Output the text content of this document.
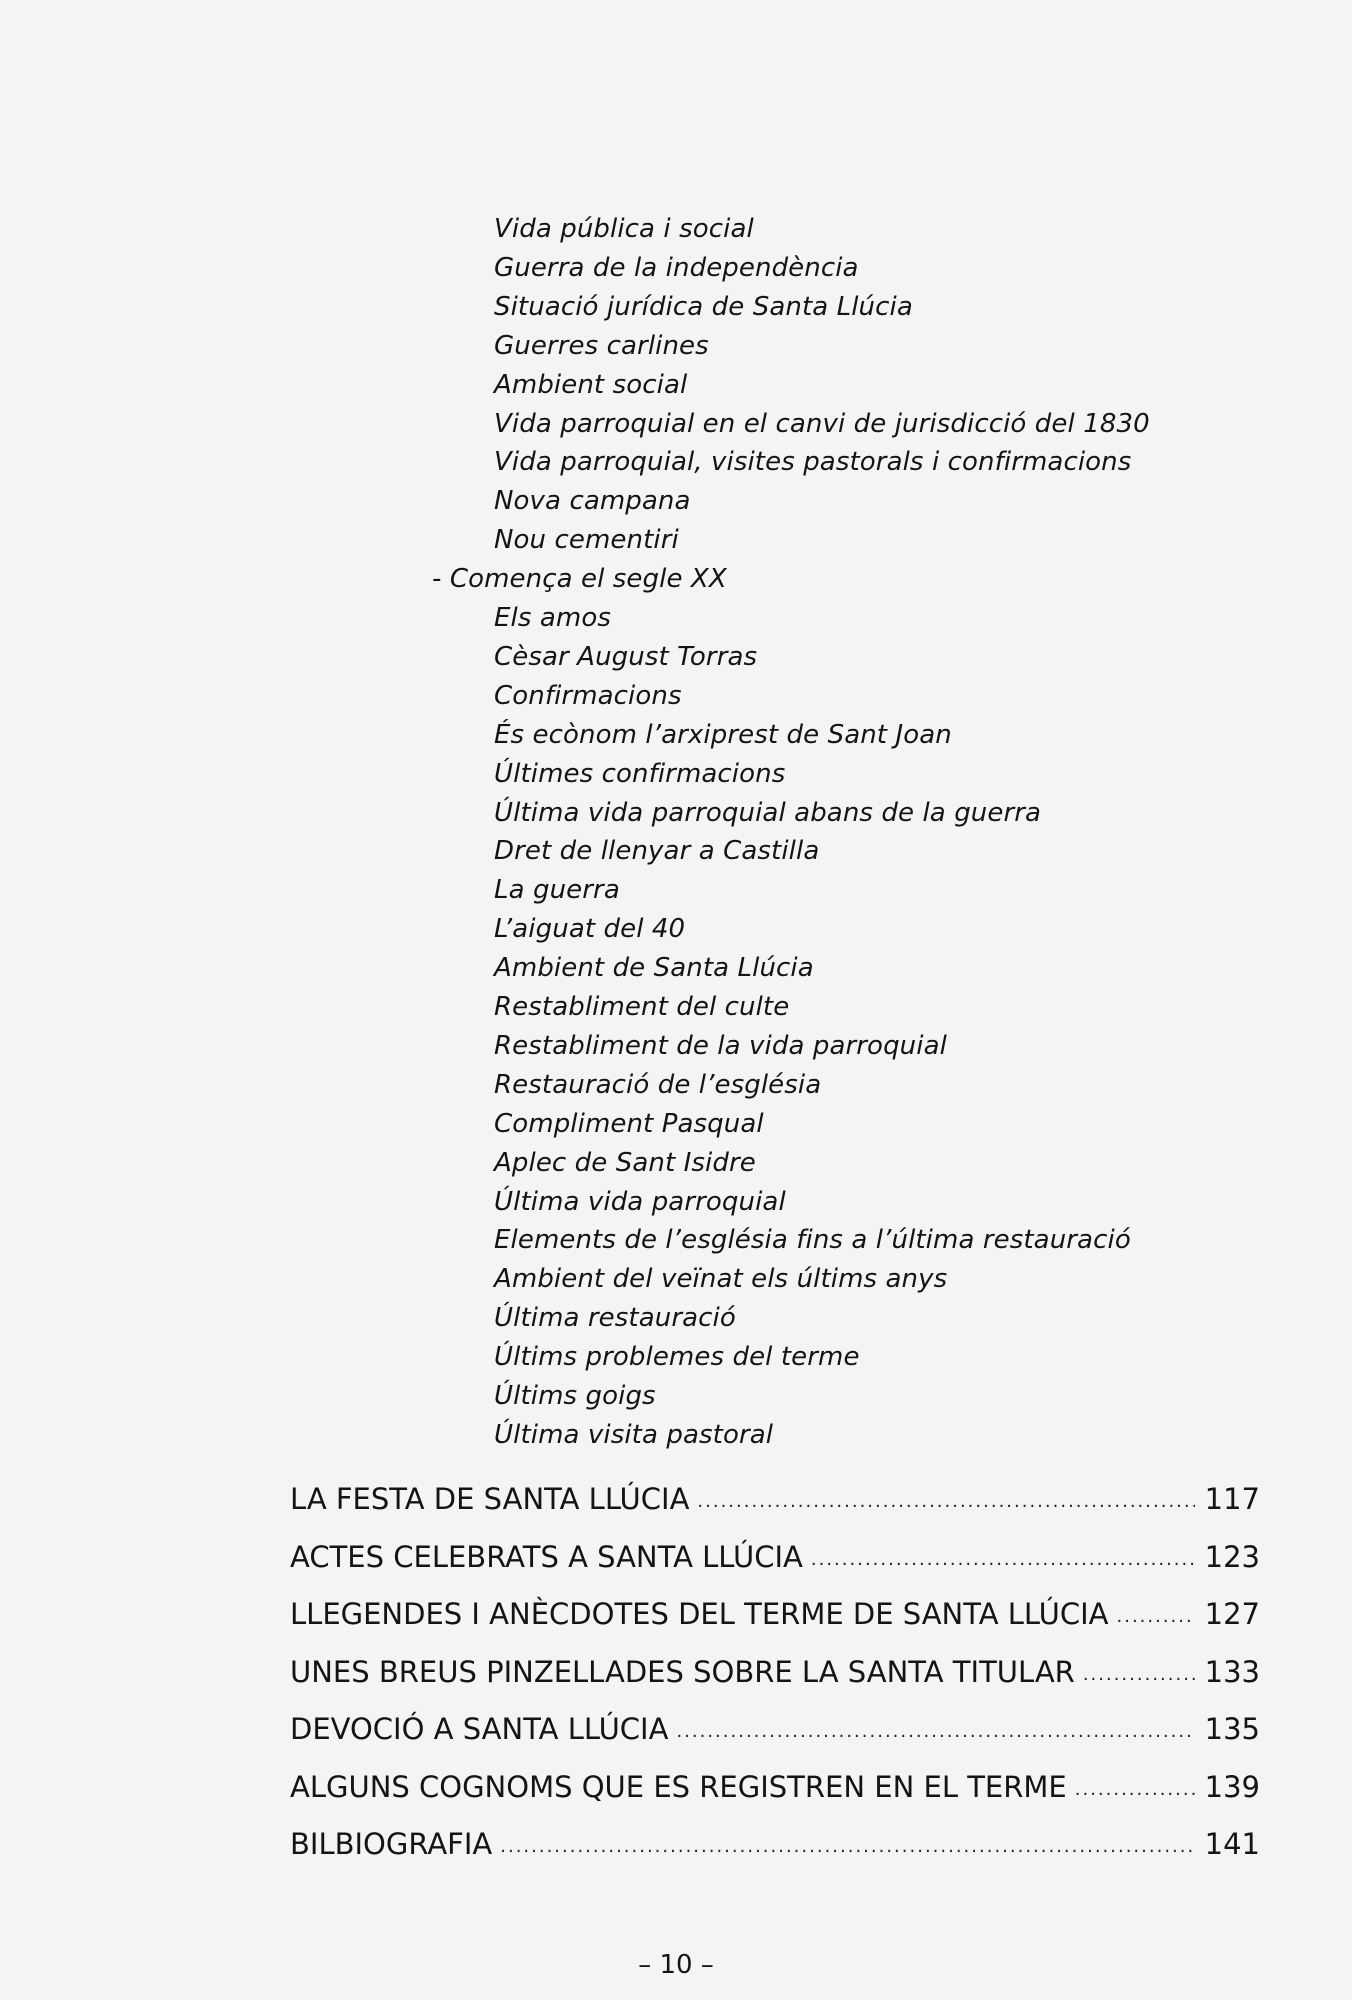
Vida pública i social
Guerra de la independència
Situació jurídica de Santa Llúcia
Guerres carlines
Ambient social
Vida parroquial en el canvi de jurisdicció del 1830
Vida parroquial, visites pastorals i confirmacions
Nova campana
Nou cementiri
- Comença el segle XX
Els amos
Cèsar August Torras
Confirmacions
És ecònom l’arxiprest de Sant Joan
Últimes confirmacions
Última vida parroquial abans de la guerra
Dret de llenyar a Castilla
La guerra
L’aiguat del 40
Ambient de Santa Llúcia
Restabliment del culte
Restabliment de la vida parroquial
Restauració de l’església
Compliment Pasqual
Aplec de Sant Isidre
Última vida parroquial
Elements de l’església fins a l’última restauració
Ambient del veïnat els últims anys
Última restauració
Últims problemes del terme
Últims goigs
Última visita pastoral
LA FESTA DE SANTA LLÚCIA .....	117
ACTES CELEBRATS A SANTA LLÚCIA .....	123
LLEGENDES I ANÈCDOTES DEL TERME DE SANTA LLÚCIA .....	127
UNES BREUS PINZELLADES SOBRE LA SANTA TITULAR .....	133
DEVOCIÓ A SANTA LLÚCIA .....	135
ALGUNS COGNOMS QUE ES REGISTREN EN EL TERME .....	139
BILBIOGRAFIA .....	141
– 10 –
